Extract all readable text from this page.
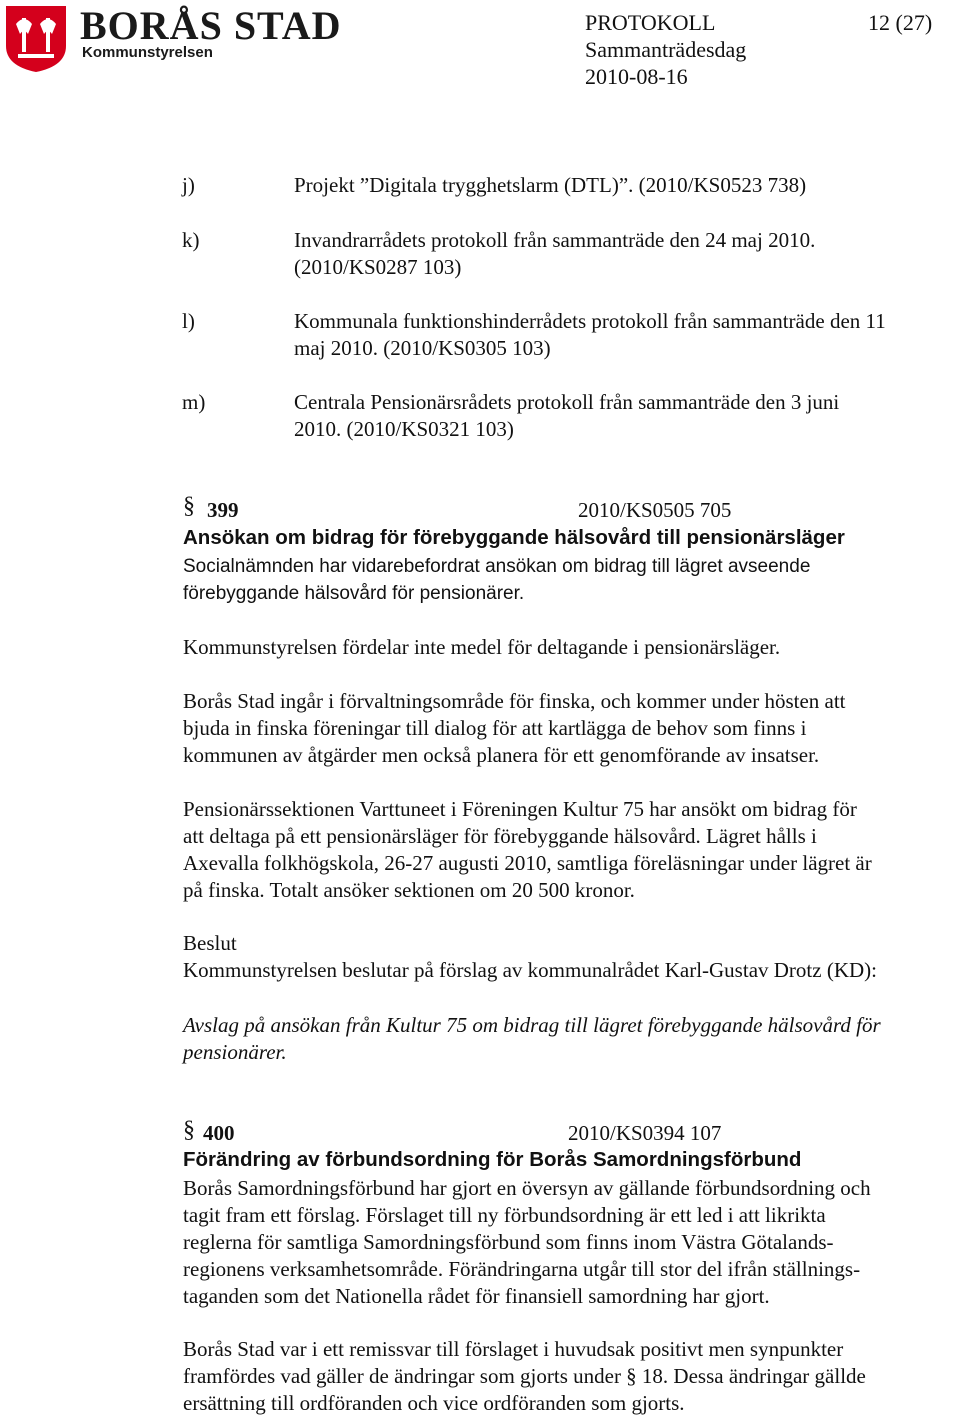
BORÅS STAD
Kommunstyrelsen
PROTOKOLL	12 (27)
Sammanträdesdag
2010-08-16
j)	Projekt ”Digitala trygghetslarm (DTL)”. (2010/KS0523 738)
k)	Invandrarrådets protokoll från sammanträde den 24 maj 2010.
(2010/KS0287 103)
l)	Kommunala funktionshinderrådets protokoll från sammanträde den 11
maj 2010. (2010/KS0305 103)
m)	Centrala Pensionärsrådets protokoll från sammanträde den 3 juni
2010. (2010/KS0321 103)
§ 399	2010/KS0505 705
Ansökan om bidrag för förebyggande hälsovård till pensionärsläger
Socialnämnden har vidarebefordrat ansökan om bidrag till lägret avseende
förebyggande hälsovård för pensionärer.
Kommunstyrelsen fördelar inte medel för deltagande i pensionärsläger.
Borås Stad ingår i förvaltningsområde för finska, och kommer under hösten att
bjuda in finska föreningar till dialog för att kartlägga de behov som finns i
kommunen av åtgärder men också planera för ett genomförande av insatser.
Pensionärssektionen Varttuneet i Föreningen Kultur 75 har ansökt om bidrag för
att deltaga på ett pensionärsläger för förebyggande hälsovård. Lägret hålls i
Axevalla folkhögskola, 26-27 augusti 2010, samtliga föreläsningar under lägret är
på finska. Totalt ansöker sektionen om 20 500 kronor.
Beslut
Kommunstyrelsen beslutar på förslag av kommunalrådet Karl-Gustav Drotz (KD):
Avslag på ansökan från Kultur 75 om bidrag till lägret förebyggande hälsovård för
pensionärer.
§ 400	2010/KS0394 107
Förändring av förbundsordning för Borås Samordningsförbund
Borås Samordningsförbund har gjort en översyn av gällande förbundsordning och
tagit fram ett förslag. Förslaget till ny förbundsordning är ett led i att likrikta
reglerna för samtliga Samordningsförbund som finns inom Västra Götalands-
regionens verksamhetsområde. Förändringarna utgår till stor del ifrån ställnings-
taganden som det Nationella rådet för finansiell samordning har gjort.
Borås Stad var i ett remissvar till förslaget i huvudsak positivt men synpunkter
framfördes vad gäller de ändringar som gjorts under § 18. Dessa ändringar gällde
ersättning till ordföranden och vice ordföranden som gjorts.
